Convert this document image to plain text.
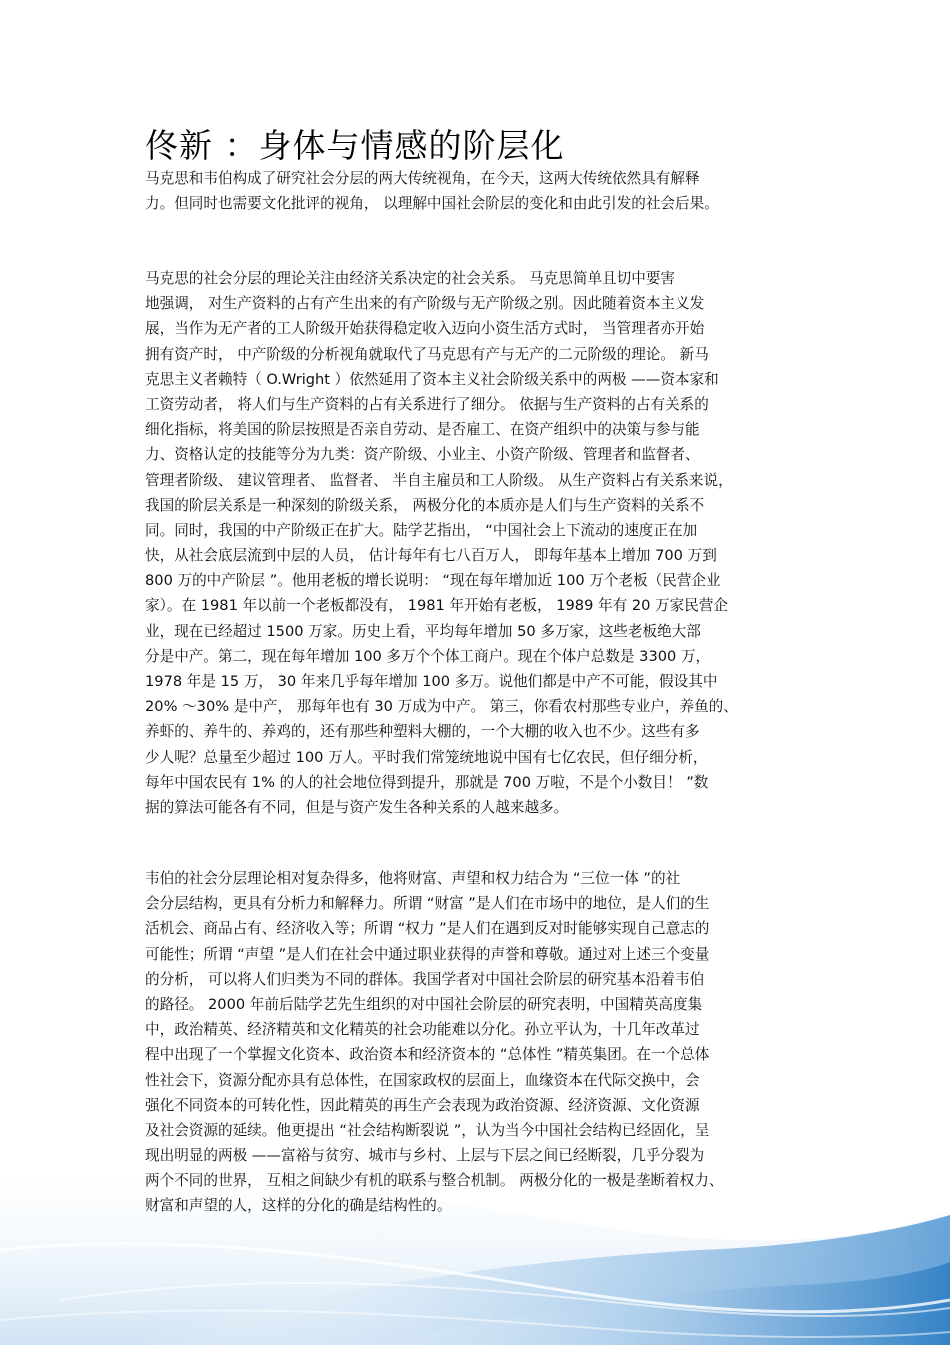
佟新 ：身体与情感的阶层化
马克思和韦伯构成了研究社会分层的两大传统视角，在今天，这两大传统依然具有解释
力。但同时也需要文化批评的视角， 以理解中国社会阶层的变化和由此引发的社会后果。
马克思的社会分层的理论关注由经济关系决定的社会关系。 马克思简单且切中要害
地强调， 对生产资料的占有产生出来的有产阶级与无产阶级之别。因此随着资本主义发
展，当作为无产者的工人阶级开始获得稳定收入迈向小资生活方式时， 当管理者亦开始
拥有资产时， 中产阶级的分析视角就取代了马克思有产与无产的二元阶级的理论。 新马
克思主义者赖特（ O.Wright ）依然延用了资本主义社会阶级关系中的两极 ——资本家和
工资劳动者， 将人们与生产资料的占有关系进行了细分。 依据与生产资料的占有关系的
细化指标，将美国的阶层按照是否亲自劳动、是否雇工、在资产组织中的决策与参与能
力、资格认定的技能等分为九类：资产阶级、小业主、小资产阶级、管理者和监督者、
管理者阶级、 建议管理者、 监督者、 半自主雇员和工人阶级。 从生产资料占有关系来说，
我国的阶层关系是一种深刻的阶级关系， 两极分化的本质亦是人们与生产资料的关系不
同。同时，我国的中产阶级正在扩大。陆学艺指出， “中国社会上下流动的速度正在加
快，从社会底层流到中层的人员， 估计每年有七八百万人， 即每年基本上增加 700 万到
800 万的中产阶层 ”。他用老板的增长说明： “现在每年增加近 100 万个老板（民营企业
家）。在 1981 年以前一个老板都没有， 1981 年开始有老板， 1989 年有 20 万家民营企
业，现在已经超过 1500 万家。历史上看，平均每年增加 50 多万家，这些老板绝大部
分是中产。第二，现在每年增加 100 多万个个体工商户。现在个体户总数是 3300 万，
1978 年是 15 万， 30 年来几乎每年增加 100 多万。说他们都是中产不可能，假设其中
20% ～30% 是中产， 那每年也有 30 万成为中产。 第三，你看农村那些专业户，养鱼的、
养虾的、养牛的、养鸡的，还有那些种塑料大棚的，一个大棚的收入也不少。这些有多
少人呢？总量至少超过 100 万人。平时我们常笼统地说中国有七亿农民，但仔细分析，
每年中国农民有 1% 的人的社会地位得到提升，那就是 700 万啦，不是个小数目！ ”数
据的算法可能各有不同，但是与资产发生各种关系的人越来越多。
韦伯的社会分层理论相对复杂得多，他将财富、声望和权力结合为 “三位一体 ”的社
会分层结构，更具有分析力和解释力。所谓 “财富 ”是人们在市场中的地位，是人们的生
活机会、商品占有、经济收入等；所谓 “权力 ”是人们在遇到反对时能够实现自己意志的
可能性；所谓 “声望 ”是人们在社会中通过职业获得的声誉和尊敬。通过对上述三个变量
的分析， 可以将人们归类为不同的群体。我国学者对中国社会阶层的研究基本沿着韦伯
的路径。 2000 年前后陆学艺先生组织的对中国社会阶层的研究表明，中国精英高度集
中，政治精英、经济精英和文化精英的社会功能难以分化。孙立平认为，十几年改革过
程中出现了一个掌握文化资本、政治资本和经济资本的 “总体性 ”精英集团。在一个总体
性社会下，资源分配亦具有总体性，在国家政权的层面上，血缘资本在代际交换中，会
强化不同资本的可转化性，因此精英的再生产会表现为政治资源、经济资源、文化资源
及社会资源的延续。他更提出 “社会结构断裂说 ”，认为当今中国社会结构已经固化，呈
现出明显的两极 ——富裕与贫穷、城市与乡村、上层与下层之间已经断裂，几乎分裂为
两个不同的世界， 互相之间缺少有机的联系与整合机制。 两极分化的一极是垄断着权力、
财富和声望的人，这样的分化的确是结构性的。
